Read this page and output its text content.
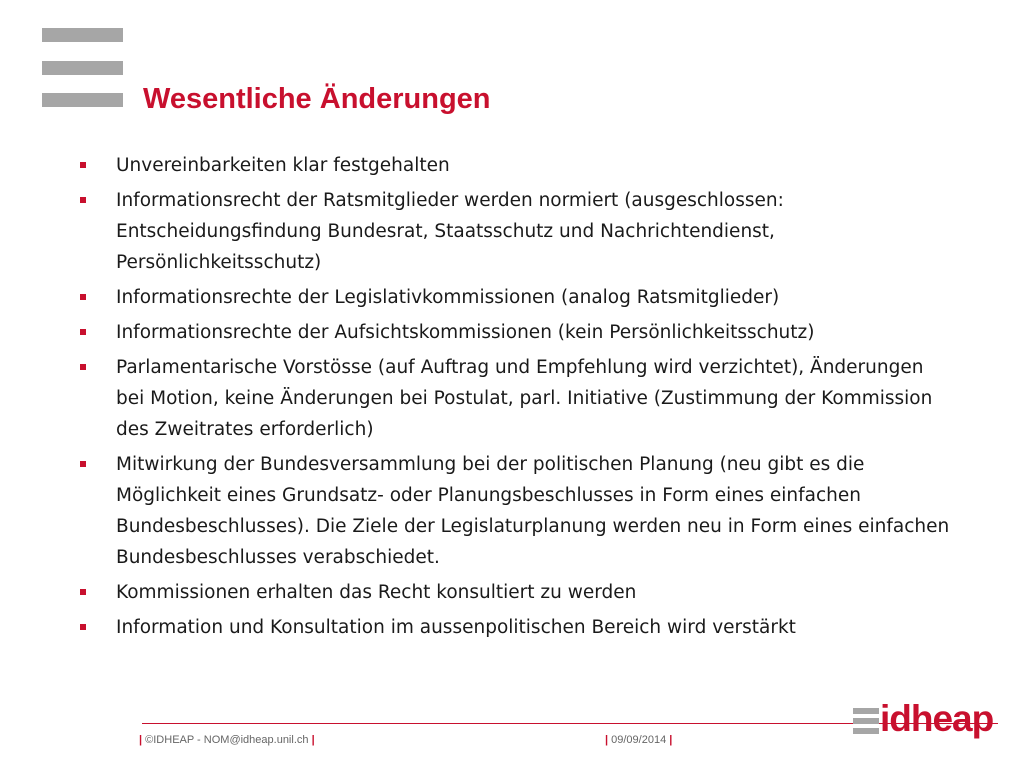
Wesentliche Änderungen
Unvereinbarkeiten klar festgehalten
Informationsrecht der Ratsmitglieder werden normiert (ausgeschlossen: Entscheidungsfindung Bundesrat, Staatsschutz und Nachrichtendienst, Persönlichkeitsschutz)
Informationsrechte der Legislativkommissionen (analog Ratsmitglieder)
Informationsrechte der Aufsichtskommissionen (kein Persönlichkeitsschutz)
Parlamentarische Vorstösse (auf Auftrag und Empfehlung wird verzichtet), Änderungen bei Motion, keine Änderungen bei Postulat, parl. Initiative (Zustimmung der Kommission des Zweitrates erforderlich)
Mitwirkung der Bundesversammlung bei der politischen Planung (neu gibt es die Möglichkeit eines Grundsatz- oder Planungsbeschlusses in Form eines einfachen Bundesbeschlusses). Die Ziele der Legislaturplanung werden neu in Form eines einfachen Bundesbeschlusses verabschiedet.
Kommissionen erhalten das Recht konsultiert zu werden
Information und Konsultation im aussenpolitischen Bereich wird verstärkt
| ©IDHEAP - NOM@idheap.unil.ch |	| 09/09/2014 |
idheap
